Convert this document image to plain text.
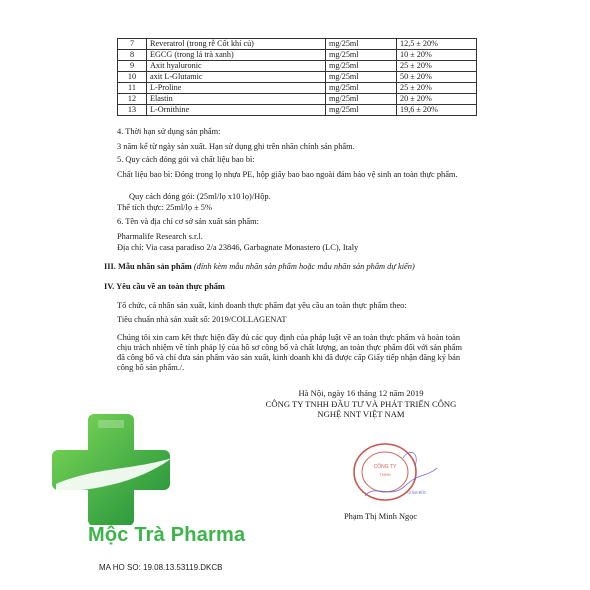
7	Reveratrol (trong rễ Cốt khí củ)	mg/25ml	12,5 ± 20%
8	EGCG (trong lá trà xanh)	mg/25ml	10 ± 20%
9	Axit hyaluronic	mg/25ml	25 ± 20%
10	axit L-Glutamic	mg/25ml	50 ± 20%
11	L-Proline	mg/25ml	25 ± 20%
12	Elastin	mg/25ml	20 ± 20%
13	L-Ornithine	mg/25ml	19,6 ± 20%
4. Thời hạn sử dụng sản phẩm:
3 năm kể từ ngày sản xuất. Hạn sử dụng ghi trên nhãn chính sản phẩm.
5. Quy cách đóng gói và chất liệu bao bì:
Chất liệu bao bì: Đóng trong lọ nhựa PE, hộp giấy bao bao ngoài đảm bảo vệ sinh an toàn thực phẩm.
Quy cách đóng gói: (25ml/lọ x10 lọ)/Hộp.
Thể tích thực: 25ml/lọ ± 5%
6. Tên và địa chỉ cơ sở sản xuất sản phẩm:
Pharmalife Research s.r.l.
Địa chỉ: Via casa paradiso 2/a 23846, Garbagnate Monastero (LC), Italy
III. Mẫu nhãn sản phẩm (đính kèm mẫu nhãn sản phẩm hoặc mẫu nhãn sản phẩm dự kiến)
IV. Yêu cầu về an toàn thực phẩm
Tổ chức, cá nhân sản xuất, kinh doanh thực phẩm đạt yêu cầu an toàn thực phẩm theo:
Tiêu chuẩn nhà sản xuất số: 2019/COLLAGENAT
Chúng tôi xin cam kết thực hiện đầy đủ các quy định của pháp luật về an toàn thực phẩm và hoàn toàn chịu trách nhiệm về tính pháp lý của hồ sơ công bố và chất lượng, an toàn thực phẩm đối với sản phẩm đã công bố và chỉ đưa sản phẩm vào sản xuất, kinh doanh khi đã được cấp Giấy tiếp nhận đăng ký bản công bố sản phẩm./.
Hà Nội, ngày 16 tháng 12 năm 2019
CÔNG TY TNHH ĐẦU TƯ VÀ PHÁT TRIỂN CÔNG
NGHỆ NNT VIỆT NAM
CÔNG TY
TNHH
GIÁM ĐỐC
Phạm Thị Minh Ngọc
Mộc Trà Pharma
MA HO SO: 19.08.13.53119.DKCB
